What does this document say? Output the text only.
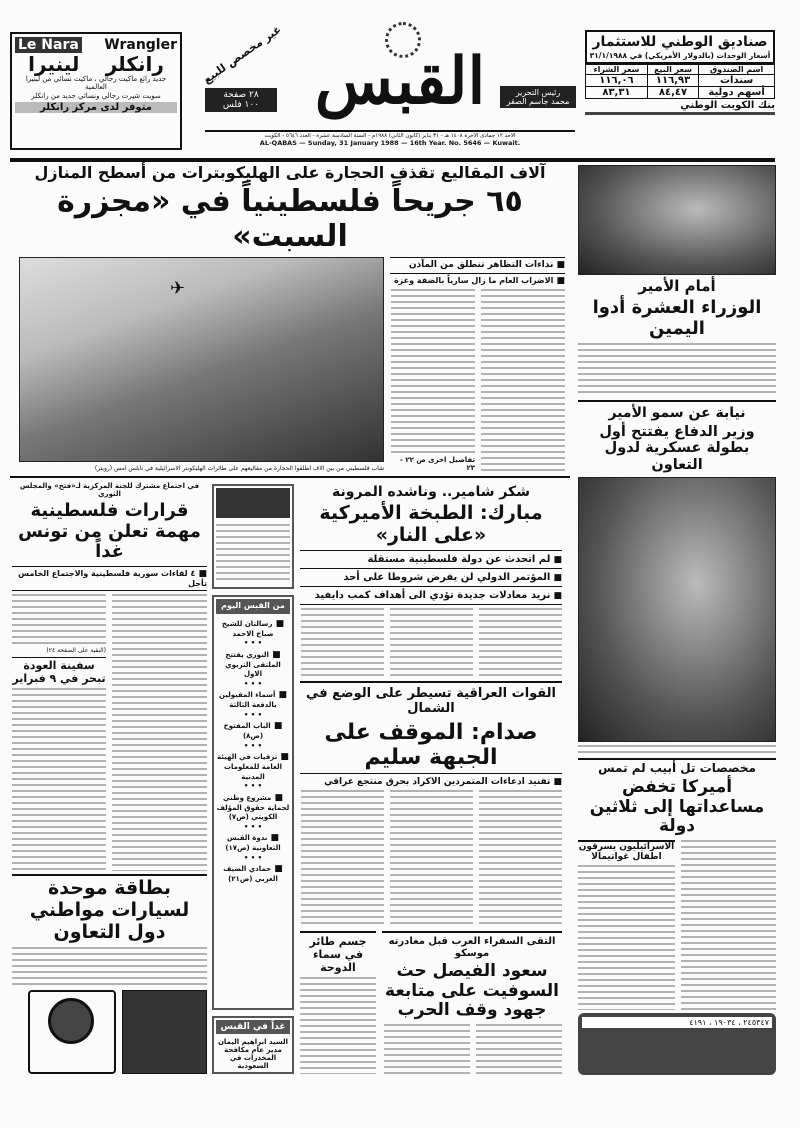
Le Nara Wrangler
رانكلر
لينيرا
جديد رائع ماكيت رجالي ، ماكيت نسائي من لينيرا العالمية
سويت شيرت رجالي ونسائي جديد من رانكلر
متوفر لدى مركز رانكلر
غير مخصص للبيع القبس
٢٨ صفحة
١٠٠ فلس
رئيس التحرير
محمد جاسم الصقر
الاحد ١٢ جمادى الاخرة ١٤٠٨ هـ - ٣١ يناير (كانون الثاني) ١٩٨٨م - السنة السادسة عشرة - العدد ٥٦٤٦ - الكويت
AL-QABAS — Sunday, 31 January 1988 — 16th Year. No. 5646 — Kuwait.
صناديق الوطني للاستثمار
أسعار الوحدات (بالدولار الأمريكي) في ٣١/١/١٩٨٨
اسم الصندوق	سعر البيع	سعر الشراء
سندات	١١٦,٩٣	١١٦,٠٦
أسهم دولية	٨٤,٤٧	٨٣,٣١
بنك الكويت الوطني
آلاف المقاليع تقذف الحجارة على الهليكوبترات من أسطح المنازل
٦٥ جريحاً فلسطينياً في «مجزرة السبت»
■ نداءات التظاهر تنطلق من المآذن
■ الاضراب العام ما زال سارياً بالضفة وغزة
تفاصيل اخرى ص ٢٢ - ٢٣
✈
شاب فلسطيني من بين الاف اطلقوا الحجارة من مقاليعهم على طائرات الهليكوبتر الاسرائيلية في نابلس امس (رويتر)
أمام الأمير
الوزراء العشرة أدوا اليمين
نيابة عن سمو الأمير
وزير الدفاع يفتتح أول بطولة عسكرية لدول التعاون
مخصصات تل أبيب لم تمس
أميركا تخفض مساعداتها إلى ثلاثين دولة
الاسرائيليون يسرقون اطفال غواتيمالا
٢٤٥٣٤٧ ، ١٩٠٣٤ ، ٤١٩١
في اجتماع مشترك للجنة المركزية لـ«فتح» والمجلس الثوري
قرارات فلسطينية مهمة تعلن من تونس غداً
■ ٤ لقاءات سورية فلسطينية والاجتماع الخامس تأجل
(البقية على الصفحة ٢٤)
سفينة العودة تبحر في ٩ فبراير
بطاقة موحدة لسيارات مواطني دول التعاون
من القبس اليوم
■ رسالتان للشيخ صباح الاحمد
• • •
■ النوري يفتتح الملتقى التربوي الاول
• • •
■ أسماء المقبولين بالدفعة الثالثة
• • •
■ الباب المفتوح (ص٨)
• • •
■ ترقيات في الهيئة العامة للمعلومات المدنية
• • •
■ مشروع وطني لحماية حقوق المؤلف الكويتي (ص٧)
• • •
■ ندوة القبس التعاونية (ص١٧)
• • •
■ حمادي الضيف العربي (ص٢١)
غداً في القبس
السيد ابراهيم اليمان مدير عام مكافحة المخدرات في السعودية
شكر شامير.. وناشده المرونة
مبارك: الطبخة الأميركية «على النار»
■ لم اتحدث عن دولة فلسطينية مستقلة
■ المؤتمر الدولي لن يفرض شروطا على أحد
■ نريد معادلات جديدة تؤدي الى أهداف كمب دايفيد
القوات العراقية تسيطر على الوضع في الشمال
صدام: الموقف على الجبهة سليم
■ تفنيد ادعاءات المتمردين الاكراد بحرق منتجع عراقي
التقى السفراء العرب قبل مغادرته موسكو
سعود الفيصل حث السوفيت على متابعة جهود وقف الحرب
جسم طائر في سماء الدوحة
